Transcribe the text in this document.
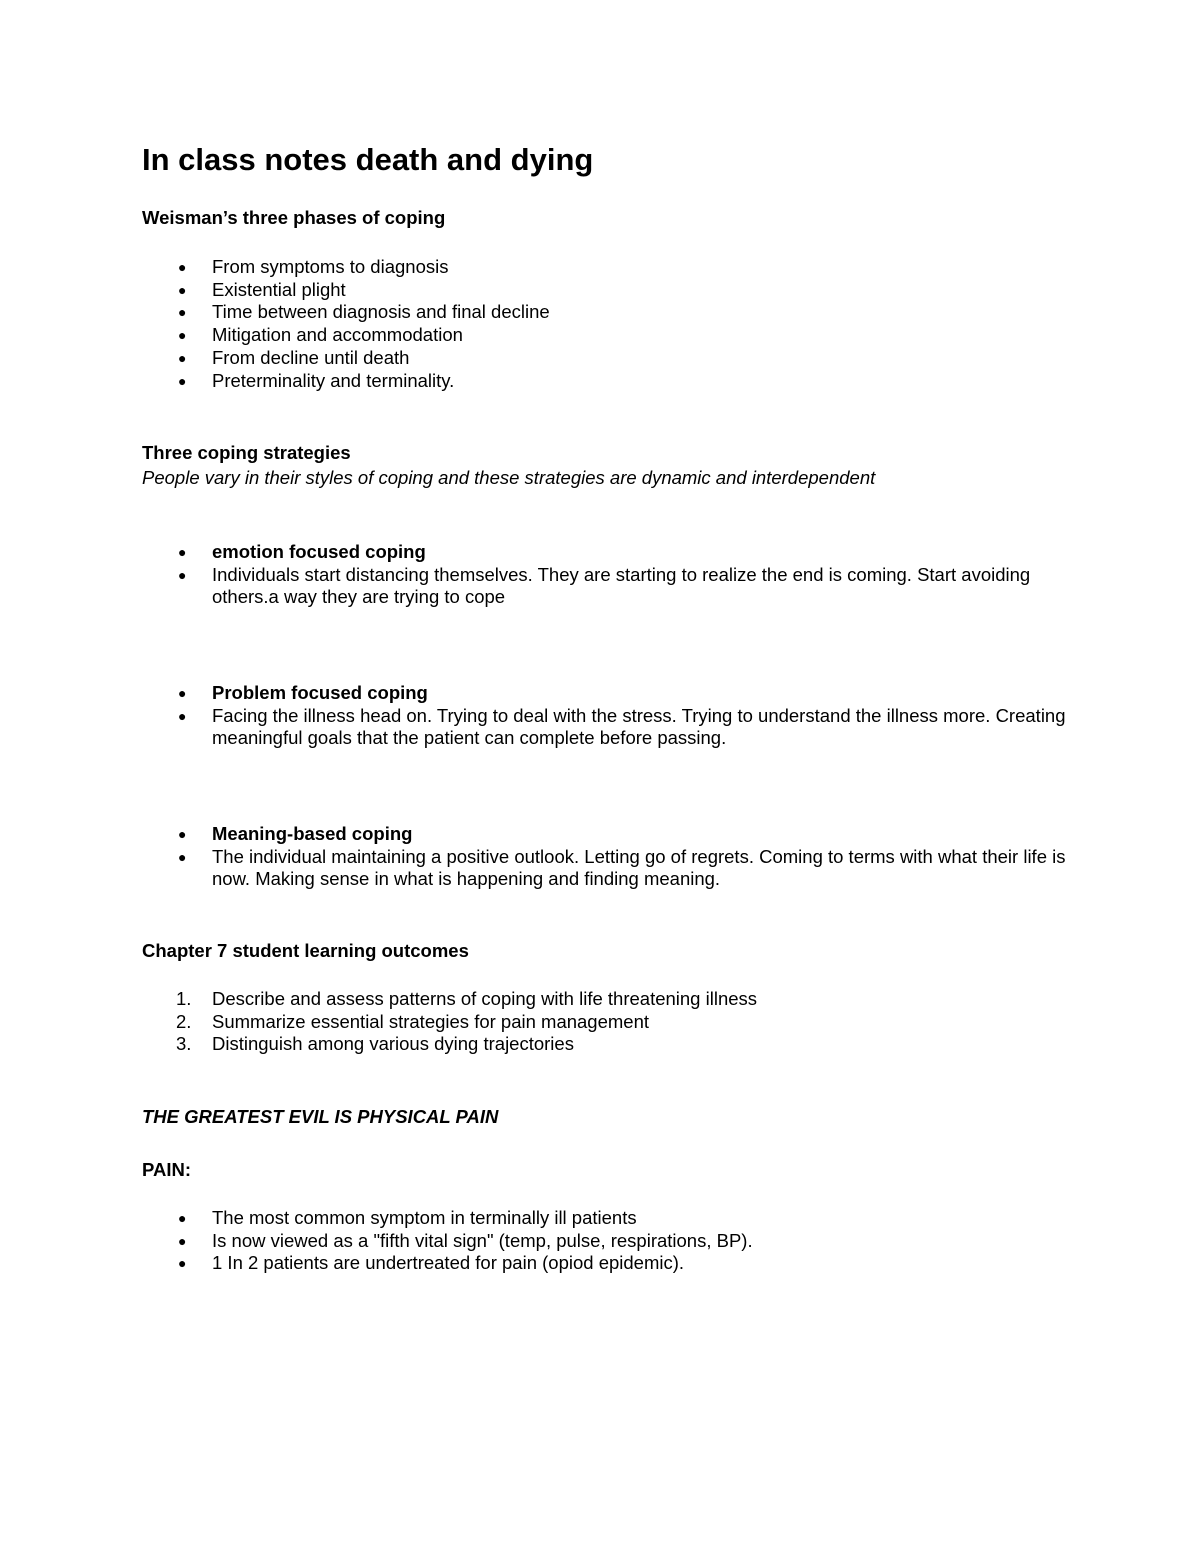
In class notes death and dying
Weisman’s three phases of coping
● From symptoms to diagnosis
● Existential plight
● Time between diagnosis and final decline
● Mitigation and accommodation
● From decline until death
● Preterminality and terminality.
Three coping strategies

People vary in their styles of coping and these strategies are dynamic and interdependent

● emotion focused coping
● Individuals start distancing themselves. They are starting to realize the end is coming. Start avoiding others.a way they are trying to cope
● Problem focused coping
● Facing the illness head on. Trying to deal with the stress. Trying to understand the illness more. Creating meaningful goals that the patient can complete before passing.
● Meaning-based coping
● The individual maintaining a positive outlook. Letting go of regrets. Coming to terms with what their life is now. Making sense in what is happening and finding meaning.
Chapter 7 student learning outcomes
1. Describe and assess patterns of coping with life threatening illness
2. Summarize essential strategies for pain management
3. Distinguish among various dying trajectories
THE GREATEST EVIL IS PHYSICAL PAIN
PAIN:
● The most common symptom in terminally ill patients
● Is now viewed as a "fifth vital sign" (temp, pulse, respirations, BP).
● 1 In 2 patients are undertreated for pain (opiod epidemic).
